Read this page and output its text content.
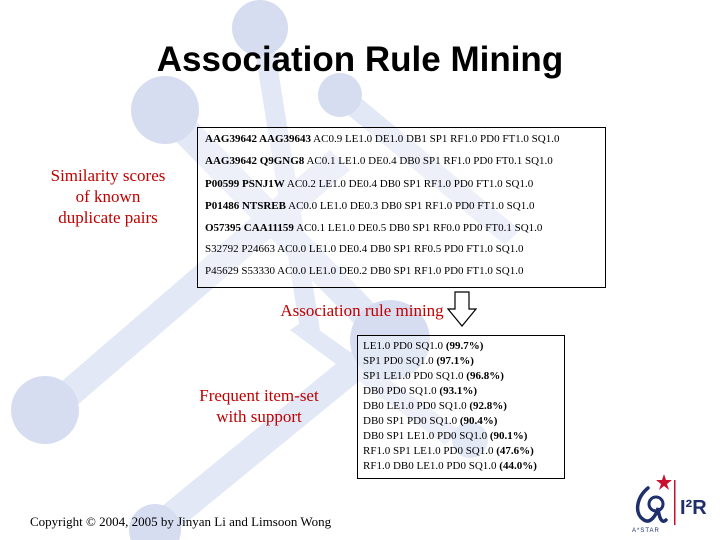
Association Rule Mining
Similarity scores
of known
duplicate pairs
AAG39642 AAG39643 AC0.9 LE1.0 DE1.0 DB1 SP1 RF1.0 PD0 FT1.0 SQ1.0
AAG39642 Q9GNG8 AC0.1 LE1.0 DE0.4 DB0 SP1 RF1.0 PD0 FT0.1 SQ1.0
P00599 PSNJ1W AC0.2 LE1.0 DE0.4 DB0 SP1 RF1.0 PD0 FT1.0 SQ1.0
P01486 NTSREB AC0.0 LE1.0 DE0.3 DB0 SP1 RF1.0 PD0 FT1.0 SQ1.0
O57395 CAA11159 AC0.1 LE1.0 DE0.5 DB0 SP1 RF0.0 PD0 FT0.1 SQ1.0
S32792 P24663 AC0.0 LE1.0 DE0.4 DB0 SP1 RF0.5 PD0 FT1.0 SQ1.0
P45629 S53330 AC0.0 LE1.0 DE0.2 DB0 SP1 RF1.0 PD0 FT1.0 SQ1.0
Association rule mining
Frequent item-set
with support
LE1.0 PD0 SQ1.0 (99.7%)
SP1 PD0 SQ1.0 (97.1%)
SP1 LE1.0 PD0 SQ1.0 (96.8%)
DB0 PD0 SQ1.0 (93.1%)
DB0 LE1.0 PD0 SQ1.0 (92.8%)
DB0 SP1 PD0 SQ1.0 (90.4%)
DB0 SP1 LE1.0 PD0 SQ1.0 (90.1%)
RF1.0 SP1 LE1.0 PD0 SQ1.0 (47.6%)
RF1.0 DB0 LE1.0 PD0 SQ1.0 (44.0%)
Copyright © 2004, 2005 by Jinyan Li and Limsoon Wong
I²R
A*STAR
